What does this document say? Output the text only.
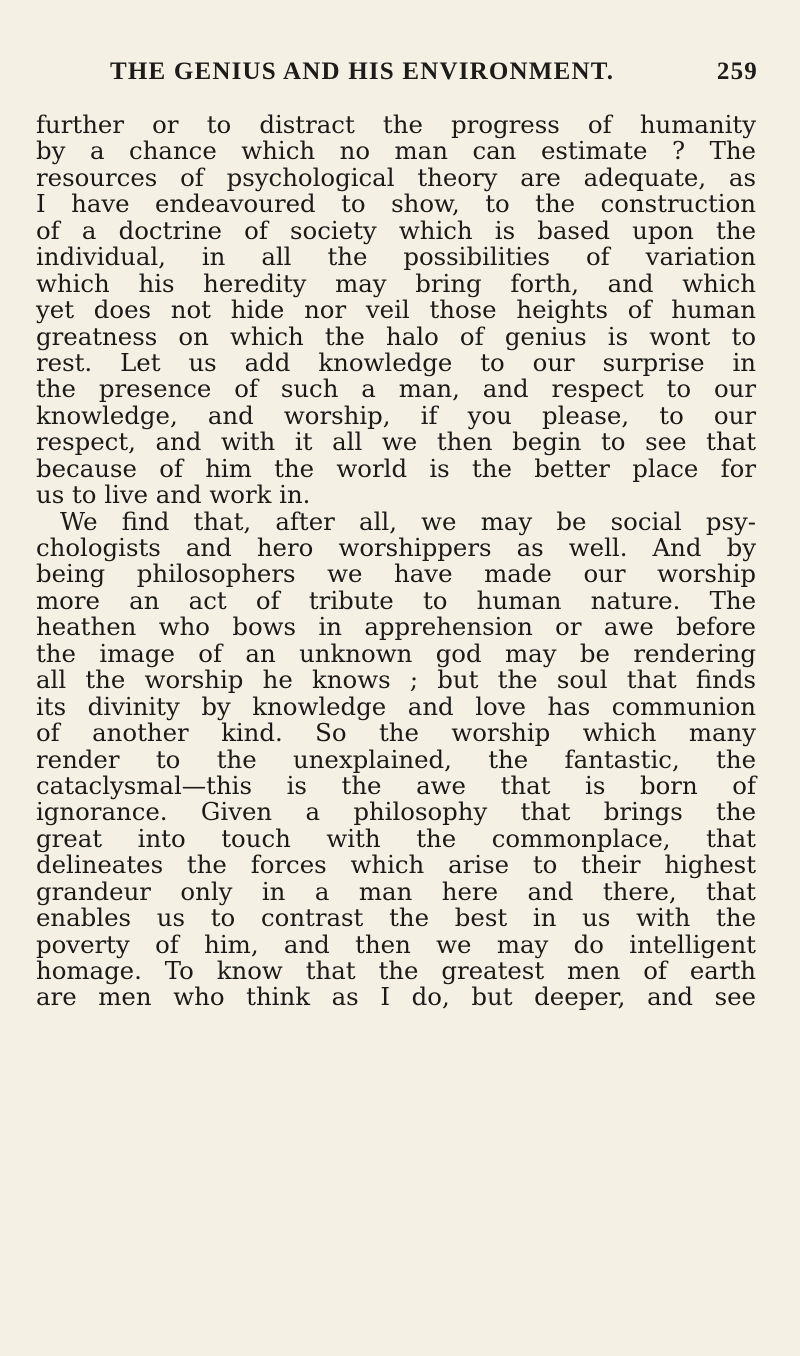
THE GENIUS AND HIS ENVIRONMENT.	259
further or to distract the progress of humanity
by a chance which no man can estimate ? The
resources of psychological theory are adequate, as
I have endeavoured to show, to the construction
of a doctrine of society which is based upon the
individual, in all the possibilities of variation
which his heredity may bring forth, and which
yet does not hide nor veil those heights of human
greatness on which the halo of genius is wont to
rest. Let us add knowledge to our surprise in
the presence of such a man, and respect to our
knowledge, and worship, if you please, to our
respect, and with it all we then begin to see that
because of him the world is the better place for
us to live and work in.
We find that, after all, we may be social psy-
chologists and hero worshippers as well. And by
being philosophers we have made our worship
more an act of tribute to human nature. The
heathen who bows in apprehension or awe before
the image of an unknown god may be rendering
all the worship he knows ; but the soul that finds
its divinity by knowledge and love has communion
of another kind. So the worship which many
render to the unexplained, the fantastic, the
cataclysmal—this is the awe that is born of
ignorance. Given a philosophy that brings the
great into touch with the commonplace, that
delineates the forces which arise to their highest
grandeur only in a man here and there, that
enables us to contrast the best in us with the
poverty of him, and then we may do intelligent
homage. To know that the greatest men of earth
are men who think as I do, but deeper, and see
